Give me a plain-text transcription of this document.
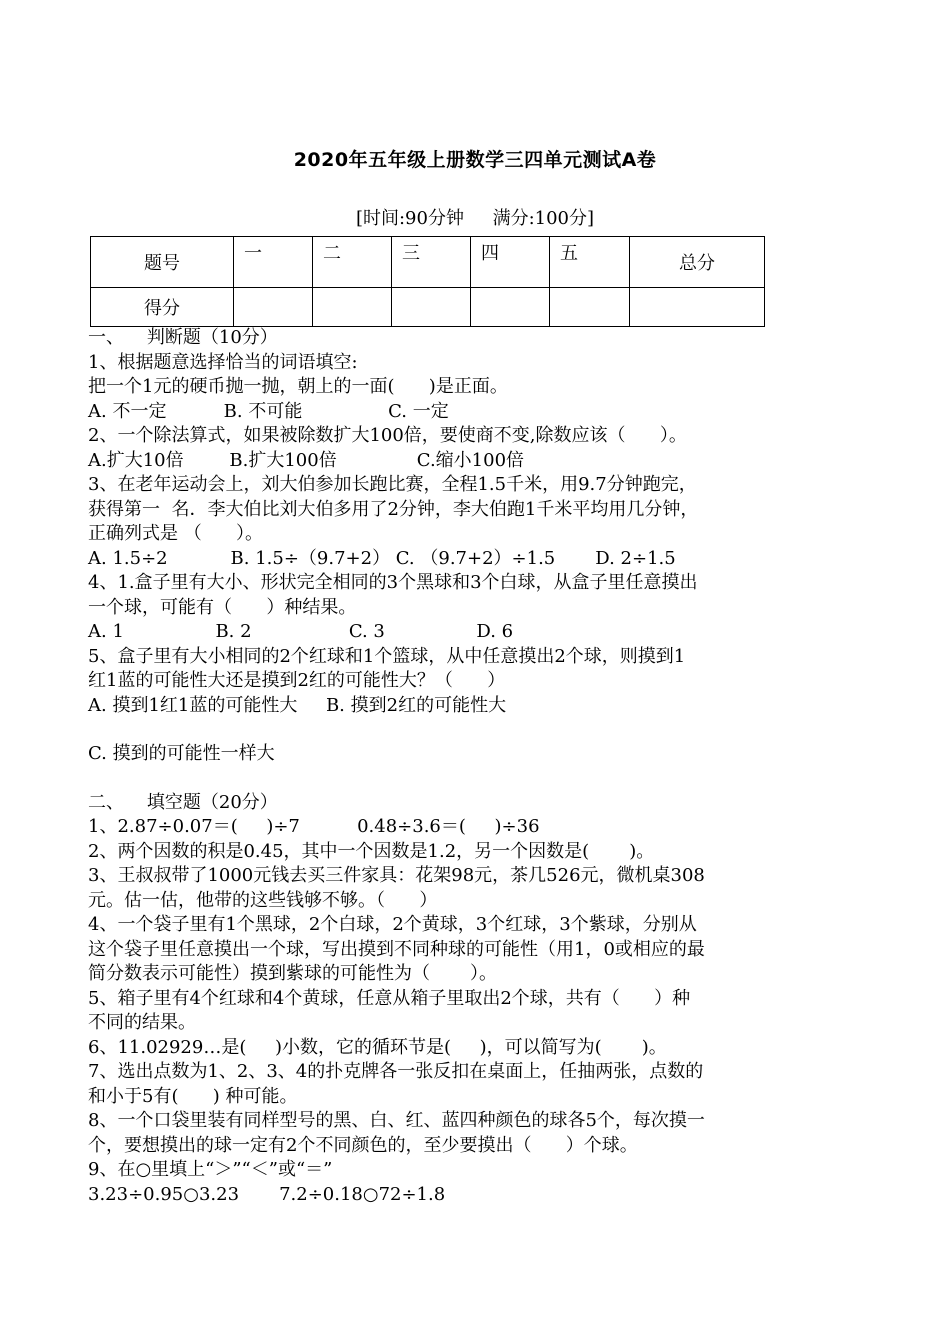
2020年五年级上册数学三四单元测试A卷
[时间:90分钟     满分:100分]
题号	一	二	三	四	五	总分
得分						
一、    判断题（10分）
1、根据题意选择恰当的词语填空:
把一个1元的硬币抛一抛，朝上的一面(      )是正面。
A. 不一定          B. 不可能               C. 一定
2、一个除法算式，如果被除数扩大100倍，要使商不变,除数应该（      ）。
A.扩大10倍        B.扩大100倍              C.缩小100倍
3、在老年运动会上，刘大伯参加长跑比赛，全程1.5千米，用9.7分钟跑完，
获得第一  名．李大伯比刘大伯多用了2分钟，李大伯跑1千米平均用几分钟，
正确列式是 （      ）。
A. 1.5÷2           B. 1.5÷（9.7+2） C. （9.7+2）÷1.5       D. 2÷1.5
4、1.盒子里有大小、形状完全相同的3个黑球和3个白球，从盒子里任意摸出
一个球，可能有（      ）种结果。
A. 1                B. 2                 C. 3                D. 6
5、盒子里有大小相同的2个红球和1个篮球，从中任意摸出2个球，则摸到1
红1蓝的可能性大还是摸到2红的可能性大？（      ）
A. 摸到1红1蓝的可能性大     B. 摸到2红的可能性大
C. 摸到的可能性一样大
二、    填空题（20分）
1、2.87÷0.07＝(     )÷7          0.48÷3.6＝(     )÷36
2、两个因数的积是0.45，其中一个因数是1.2，另一个因数是(       )。
3、王叔叔带了1000元钱去买三件家具：花架98元，茶几526元，微机桌308
元。估一估，他带的这些钱够不够。（      ）
4、一个袋子里有1个黑球，2个白球，2个黄球，3个红球，3个紫球，分别从
这个袋子里任意摸出一个球，写出摸到不同种球的可能性（用1，0或相应的最
简分数表示可能性）摸到紫球的可能性为（       ）。
5、箱子里有4个红球和4个黄球，任意从箱子里取出2个球，共有（      ）种
不同的结果。
6、11.02929…是(     )小数，它的循环节是(     )，可以简写为(       )。
7、选出点数为1、2、3、4的扑克牌各一张反扣在桌面上，任抽两张，点数的
和小于5有(      ) 种可能。
8、一个口袋里装有同样型号的黑、白、红、蓝四种颜色的球各5个，每次摸一
个，要想摸出的球一定有2个不同颜色的，至少要摸出（      ）个球。
9、在○里填上“＞”“＜”或“＝”
3.23÷0.95○3.23       7.2÷0.18○72÷1.8
